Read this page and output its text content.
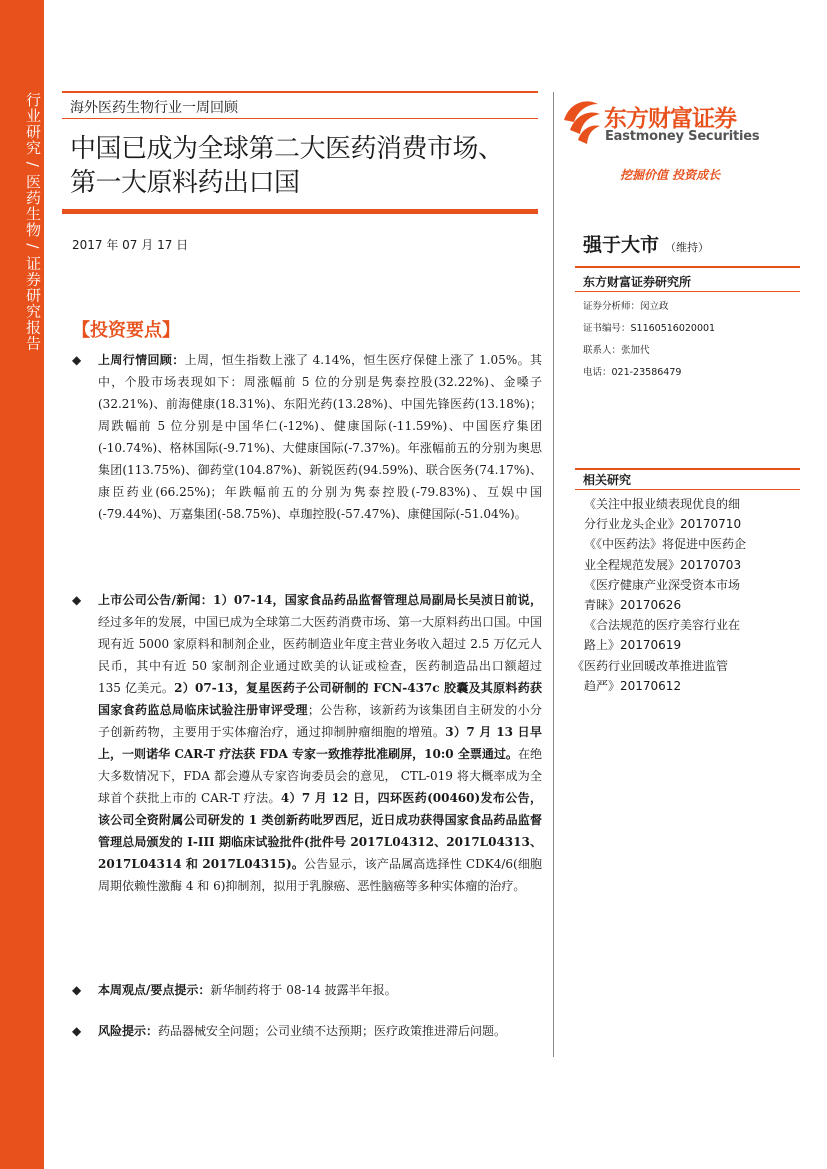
行业研究 / 医药生物 / 证券研究报告 海外医药生物行业一周回顾
中国已成为全球第二大医药消费市场、
第一大原料药出口国
2017 年 07 月 17 日
东方财富证券
Eastmoney Securities
挖掘价值 投资成长
强于大市 （维持）
东方财富证券研究所
证券分析师：闵立政
证书编号：S1160516020001
联系人：张加代
电话：021-23586479
相关研究
《关注中报业绩表现优良的细
分行业龙头企业》20170710
《《中医药法》将促进中医药企
业全程规范发展》20170703
《医疗健康产业深受资本市场
青睐》20170626
《合法规范的医疗美容行业在
路上》20170619
《医药行业回暖改革推进监管
趋严》20170612
【投资要点】
◆ 上周行情回顾：上周，恒生指数上涨了 4.14%，恒生医疗保健上涨了 1.05%。其中，个股市场表现如下：周涨幅前 5 位的分别是隽泰控股(32.22%)、金嗓子(32.21%)、前海健康(18.31%)、东阳光药(13.28%)、中国先锋医药(13.18%)；周跌幅前 5 位分别是中国华仁(-12%)、健康国际(-11.59%)、中国医疗集团(-10.74%)、格林国际(-9.71%)、大健康国际(-7.37%)。年涨幅前五的分别为奥思集团(113.75%)、御药堂(104.87%)、新锐医药(94.59%)、联合医务(74.17%)、康臣药业(66.25%)；年跌幅前五的分别为隽泰控股(-79.83%)、互娱中国(-79.44%)、万嘉集团(-58.75%)、卓珈控股(-57.47%)、康健国际(-51.04%)。
◆ 上市公司公告/新闻：1）07-14，国家食品药品监督管理总局副局长吴浈日前说，经过多年的发展，中国已成为全球第二大医药消费市场、第一大原料药出口国。中国现有近 5000 家原料和制剂企业，医药制造业年度主营业务收入超过 2.5 万亿元人民币，其中有近 50 家制剂企业通过欧美的认证或检查，医药制造品出口额超过 135 亿美元。2）07-13，复星医药子公司研制的 FCN-437c 胶囊及其原料药获国家食药监总局临床试验注册审评受理；公告称，该新药为该集团自主研发的小分子创新药物，主要用于实体瘤治疗，通过抑制肿瘤细胞的增殖。3）7 月 13 日早上，一则诺华 CAR-T 疗法获 FDA 专家一致推荐批准刷屏，10:0 全票通过。在绝大多数情况下，FDA 都会遵从专家咨询委员会的意见， CTL-019 将大概率成为全球首个获批上市的 CAR-T 疗法。4）7 月 12 日，四环医药(00460)发布公告，该公司全资附属公司研发的 1 类创新药吡罗西尼，近日成功获得国家食品药品监督管理总局颁发的 I-III 期临床试验批件(批件号 2017L04312、2017L04313、2017L04314 和 2017L04315)。公告显示，该产品属高选择性 CDK4/6(细胞周期依赖性激酶 4 和 6)抑制剂，拟用于乳腺癌、恶性脑癌等多种实体瘤的治疗。
◆ 本周观点/要点提示：新华制药将于 08-14 披露半年报。
◆ 风险提示：药品器械安全问题；公司业绩不达预期；医疗政策推进滞后问题。
